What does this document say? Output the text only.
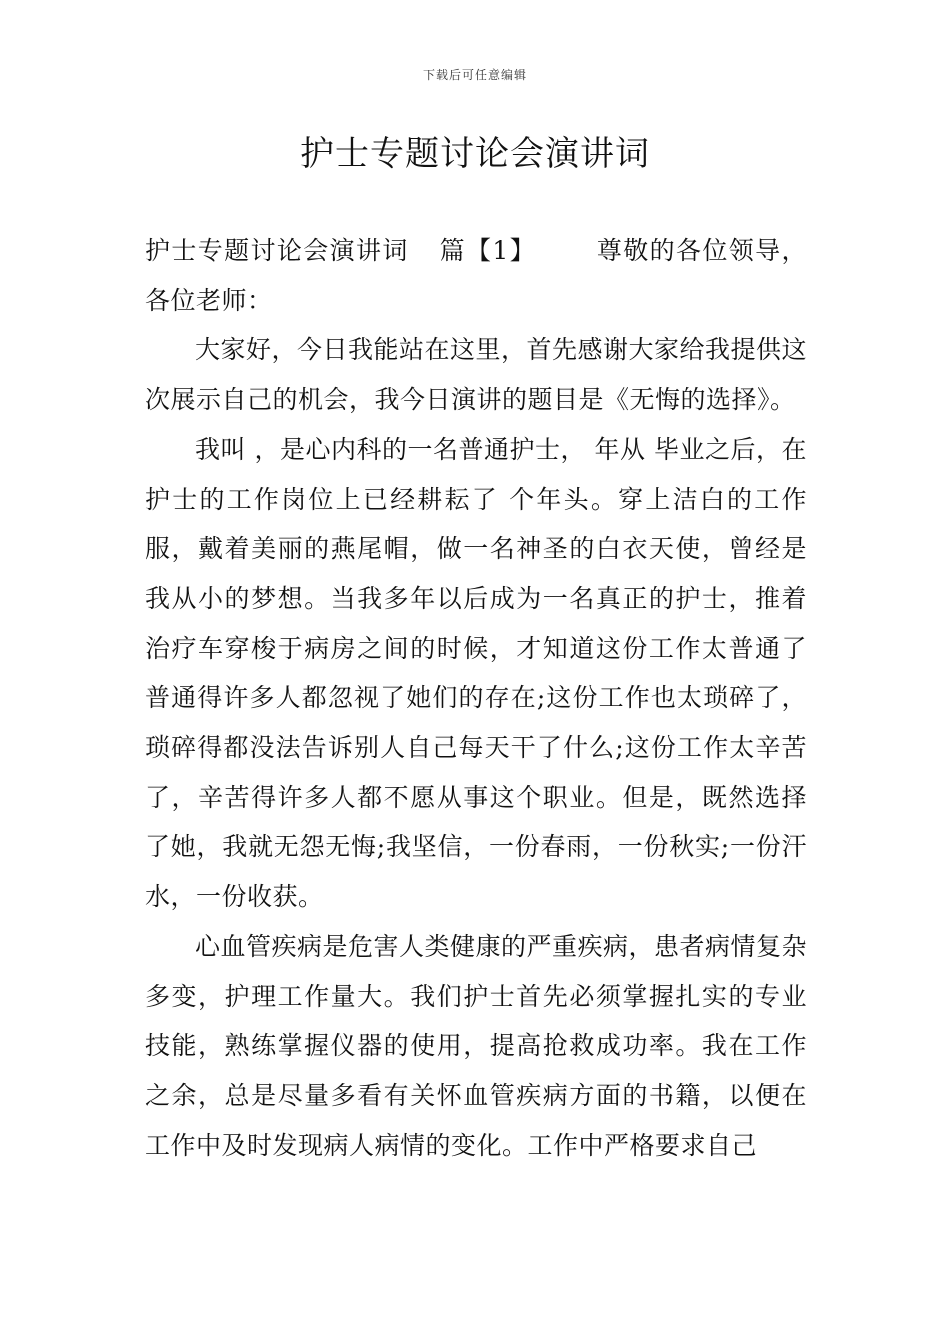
下载后可任意编辑
护士专题讨论会演讲词

护士专题讨论会演讲词 篇【1】 尊敬的各位领导，各位老师：

大家好，今日我能站在这里，首先感谢大家给我提供这次展示自己的机会，我今日演讲的题目是《无悔的选择》。

我叫 ，是心内科的一名普通护士， 年从 毕业之后，在护士的工作岗位上已经耕耘了 个年头。穿上洁白的工作服，戴着美丽的燕尾帽，做一名神圣的白衣天使，曾经是我从小的梦想。当我多年以后成为一名真正的护士，推着治疗车穿梭于病房之间的时候，才知道这份工作太普通了普通得许多人都忽视了她们的存在;这份工作也太琐碎了，琐碎得都没法告诉别人自己每天干了什么;这份工作太辛苦了，辛苦得许多人都不愿从事这个职业。但是，既然选择了她，我就无怨无悔;我坚信，一份春雨，一份秋实;一份汗水，一份收获。

心血管疾病是危害人类健康的严重疾病，患者病情复杂多变，护理工作量大。我们护士首先必须掌握扎实的专业技能，熟练掌握仪器的使用，提高抢救成功率。我在工作之余，总是尽量多看有关怀血管疾病方面的书籍，以便在工作中及时发现病人病情的变化。工作中严格要求自己
